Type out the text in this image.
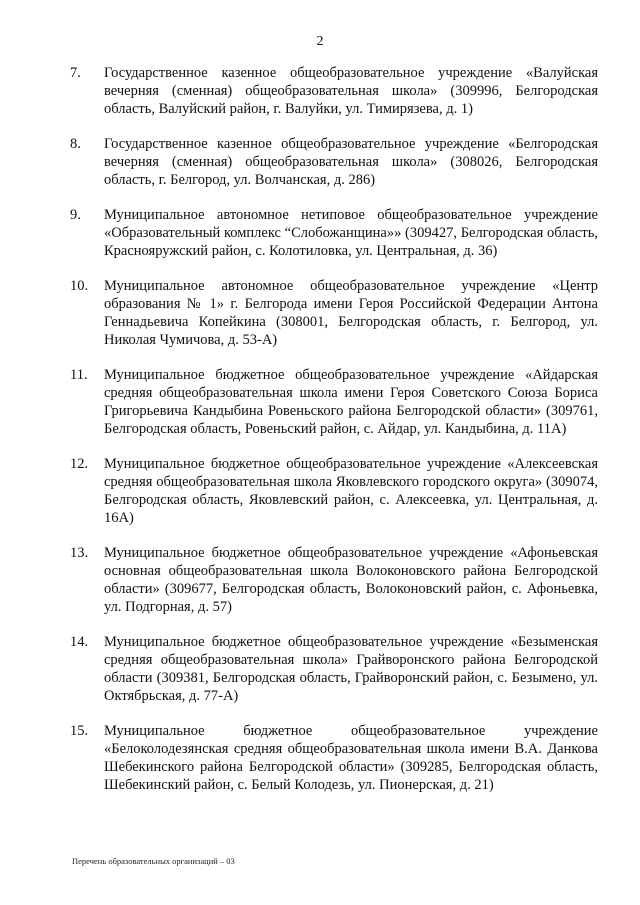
2
7. Государственное казенное общеобразовательное учреждение «Валуйская вечерняя (сменная) общеобразовательная школа» (309996, Белгородская область, Валуйский район, г. Валуйки, ул. Тимирязева, д. 1)
8. Государственное казенное общеобразовательное учреждение «Белгородская вечерняя (сменная) общеобразовательная школа» (308026, Белгородская область, г. Белгород, ул. Волчанская, д. 286)
9. Муниципальное автономное нетиповое общеобразовательное учреждение «Образовательный комплекс “Слобожанщина»» (309427, Белгородская область, Краснояружский район, с. Колотиловка, ул. Центральная, д. 36)
10. Муниципальное автономное общеобразовательное учреждение «Центр образования № 1» г. Белгорода имени Героя Российской Федерации Антона Геннадьевича Копейкина (308001, Белгородская область, г. Белгород, ул. Николая Чумичова, д. 53-А)
11. Муниципальное бюджетное общеобразовательное учреждение «Айдарская средняя общеобразовательная школа имени Героя Советского Союза Бориса Григорьевича Кандыбина Ровеньского района Белгородской области» (309761, Белгородская область, Ровеньский район, с. Айдар, ул. Кандыбина, д. 11А)
12. Муниципальное бюджетное общеобразовательное учреждение «Алексеевская средняя общеобразовательная школа Яковлевского городского округа» (309074, Белгородская область, Яковлевский район, с. Алексеевка, ул. Центральная, д. 16А)
13. Муниципальное бюджетное общеобразовательное учреждение «Афоньевская основная общеобразовательная школа Волоконовского района Белгородской области» (309677, Белгородская область, Волоконовский район, с. Афоньевка, ул. Подгорная, д. 57)
14. Муниципальное бюджетное общеобразовательное учреждение «Безыменская средняя общеобразовательная школа» Грайворонского района Белгородской области (309381, Белгородская область, Грайворонский район, с. Безымено, ул. Октябрьская, д. 77-А)
15. Муниципальное бюджетное общеобразовательное учреждение «Белоколодезянская средняя общеобразовательная школа имени В.А. Данкова Шебекинского района Белгородской области» (309285, Белгородская область, Шебекинский район, с. Белый Колодезь, ул. Пионерская, д. 21)
Перечень образовательных организаций – 03
